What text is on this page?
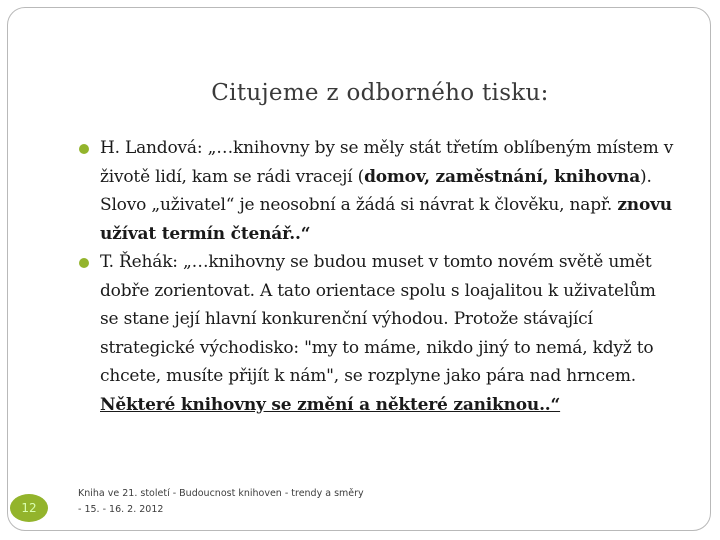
Citujeme z odborného tisku:
H. Landová: „…knihovny by se měly stát třetím oblíbeným místem v životě lidí, kam se rádi vracejí (domov, zaměstnání, knihovna). Slovo „uživatel“ je neosobní a žádá si návrat k člověku, např. znovu užívat termín čtenář..“
T. Řehák: „…knihovny se budou muset v tomto novém světě umět dobře zorientovat. A tato orientace spolu s loajalitou k uživatelům se stane její hlavní konkurenční výhodou. Protože stávající strategické východisko: "my to máme, nikdo jiný to nemá, když to chcete, musíte přijít k nám", se rozplyne jako pára nad hrncem. Některé knihovny se změní a některé zaniknou..“
12
Kniha ve 21. století - Budoucnost knihoven - trendy a směry - 15. - 16. 2. 2012
